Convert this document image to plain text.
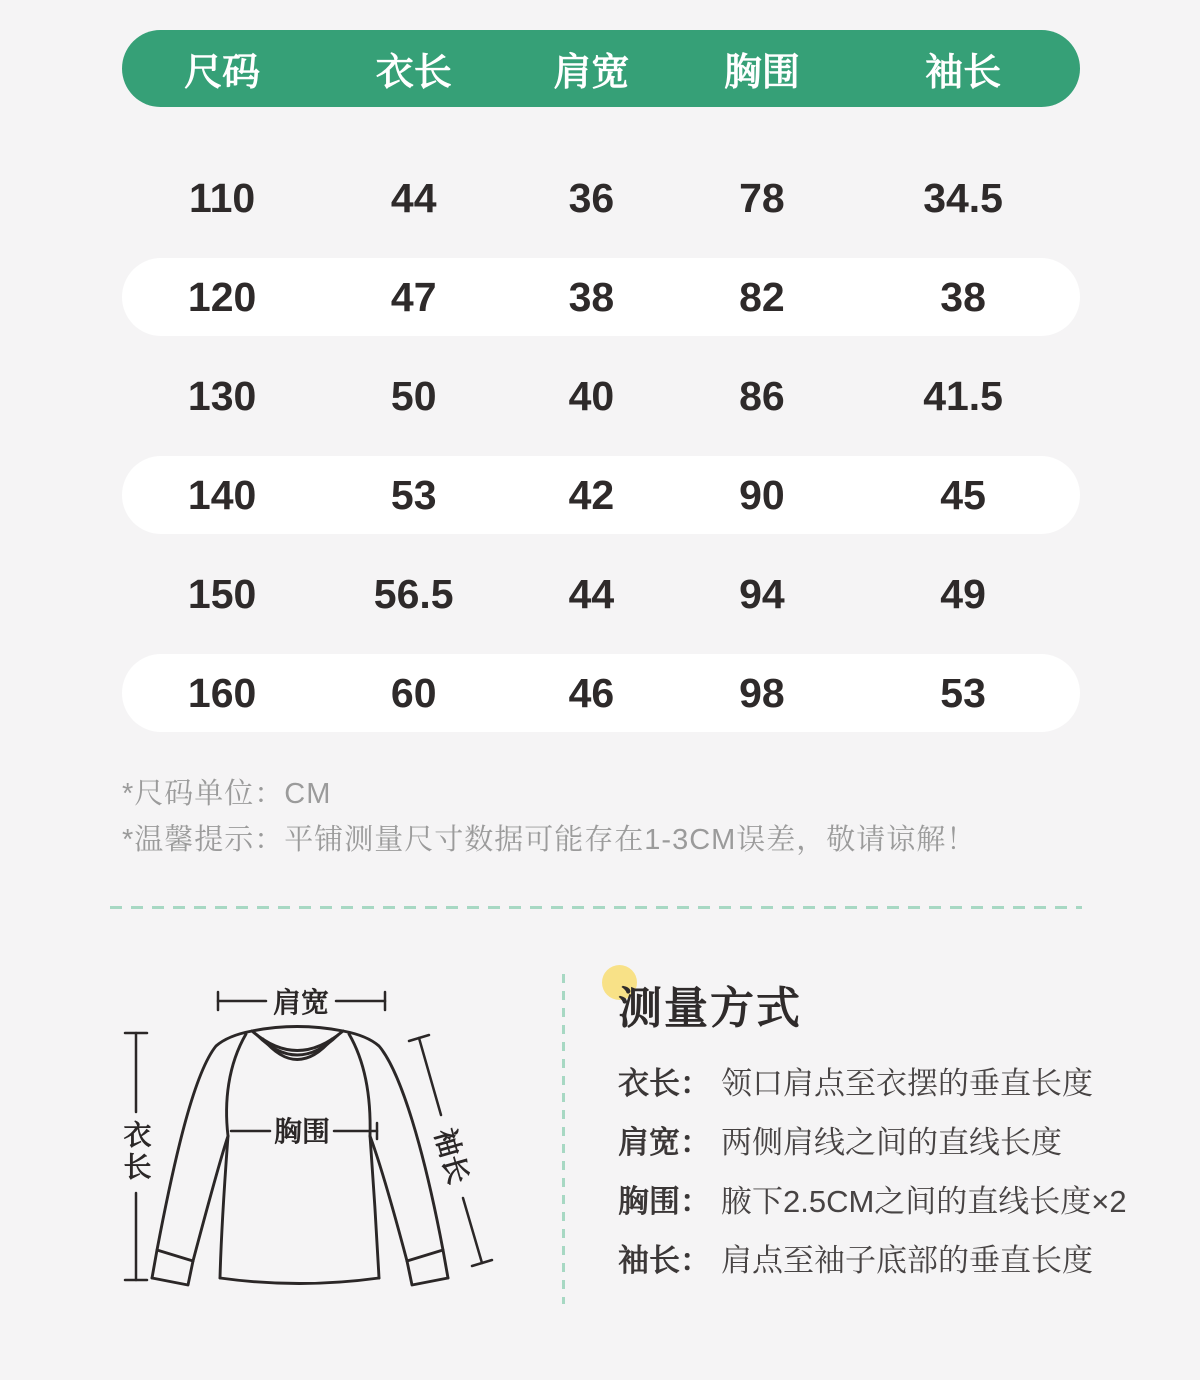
尺码	衣长	肩宽	胸围	袖长
110	44	36	78	34.5
120	47	38	82	38
130	50	40	86	41.5
140	53	42	90	45
150	56.5	44	94	49
160	60	46	98	53
*尺码单位：CM
*温馨提示：平铺测量尺寸数据可能存在1-3CM误差，敬请谅解！
肩宽
胸围
衣长	袖长
测量方式
衣长： 领口肩点至衣摆的垂直长度
肩宽： 两侧肩线之间的直线长度
胸围： 腋下2.5CM之间的直线长度×2
袖长： 肩点至袖子底部的垂直长度
